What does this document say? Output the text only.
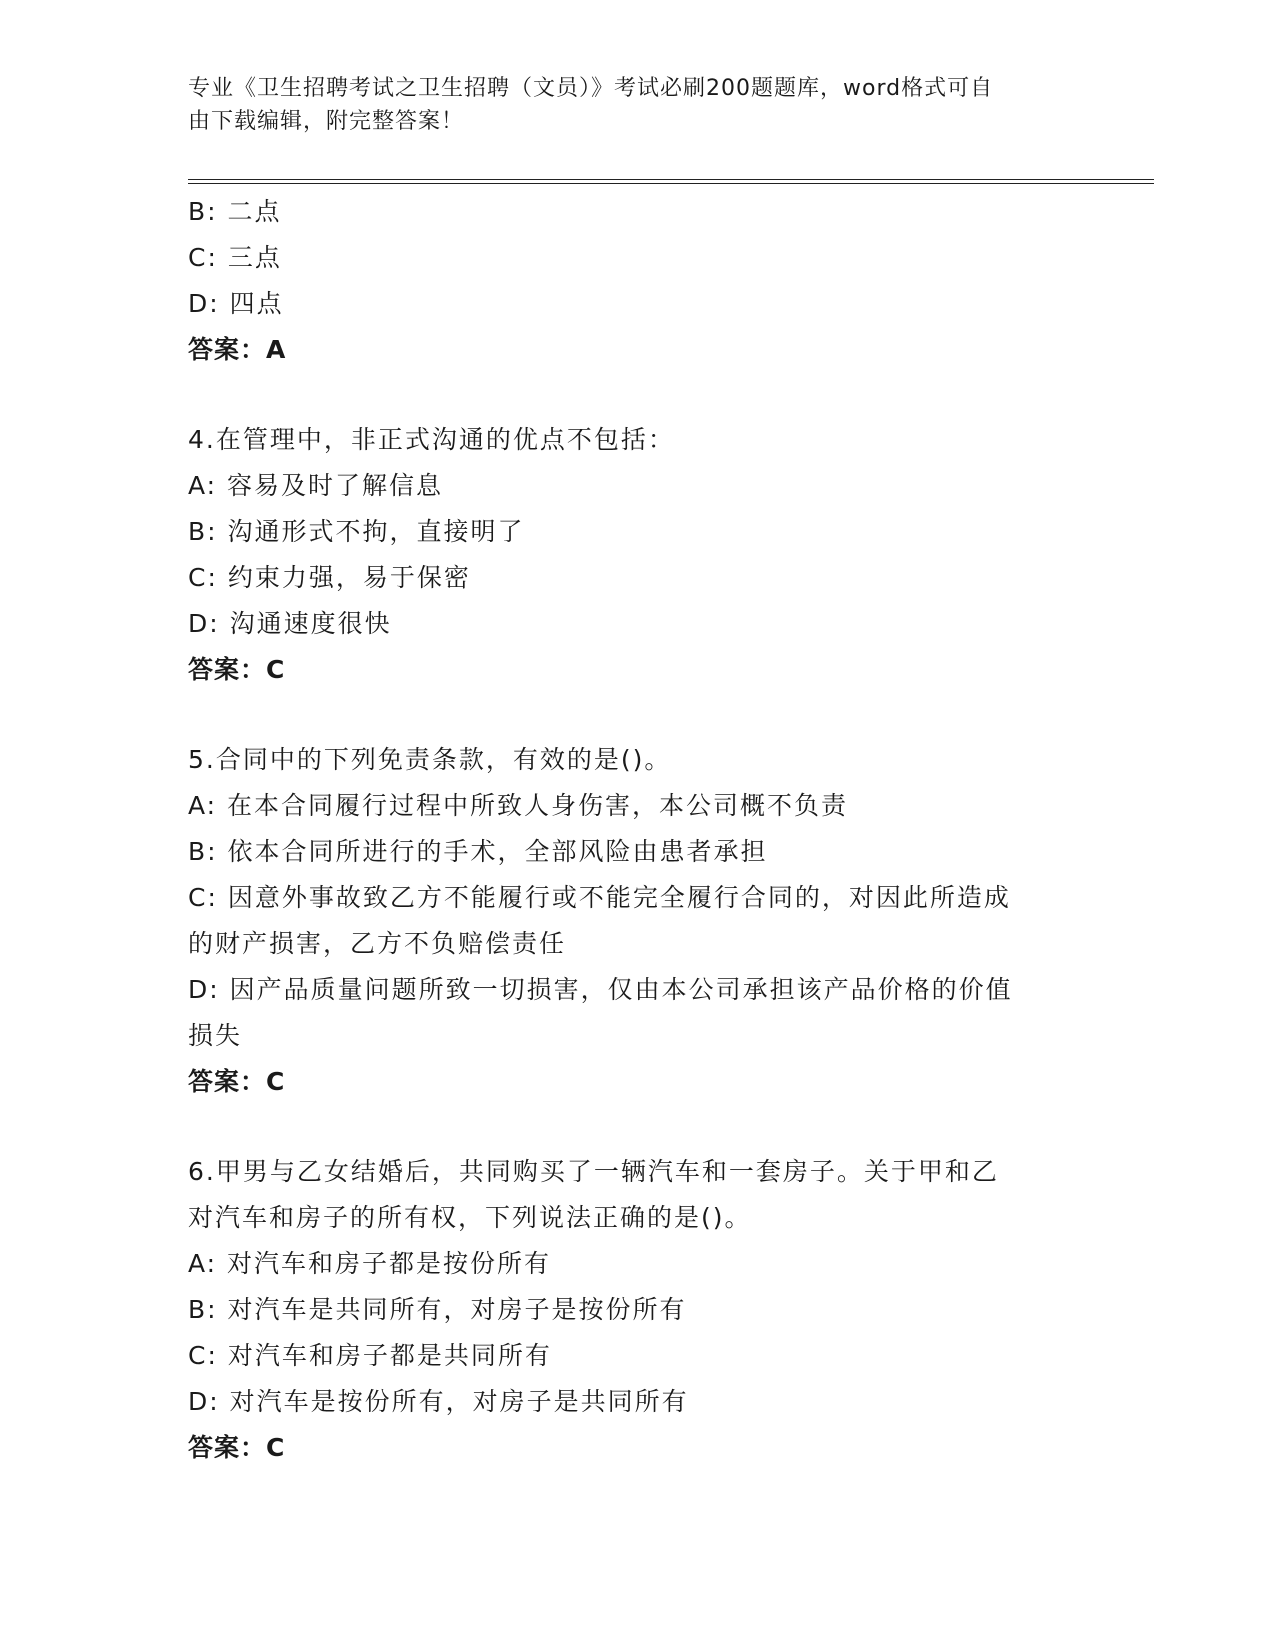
专业《卫生招聘考试之卫生招聘（文员）》考试必刷200题题库，word格式可自
由下载编辑，附完整答案！
B: 二点
C: 三点
D: 四点
答案：A
4.在管理中，非正式沟通的优点不包括：
A: 容易及时了解信息
B: 沟通形式不拘，直接明了
C: 约束力强，易于保密
D: 沟通速度很快
答案：C
5.合同中的下列免责条款，有效的是()。
A: 在本合同履行过程中所致人身伤害，本公司概不负责
B: 依本合同所进行的手术，全部风险由患者承担
C: 因意外事故致乙方不能履行或不能完全履行合同的，对因此所造成
的财产损害，乙方不负赔偿责任
D: 因产品质量问题所致一切损害，仅由本公司承担该产品价格的价值
损失
答案：C
6.甲男与乙女结婚后，共同购买了一辆汽车和一套房子。关于甲和乙
对汽车和房子的所有权，下列说法正确的是()。
A: 对汽车和房子都是按份所有
B: 对汽车是共同所有，对房子是按份所有
C: 对汽车和房子都是共同所有
D: 对汽车是按份所有，对房子是共同所有
答案：C
